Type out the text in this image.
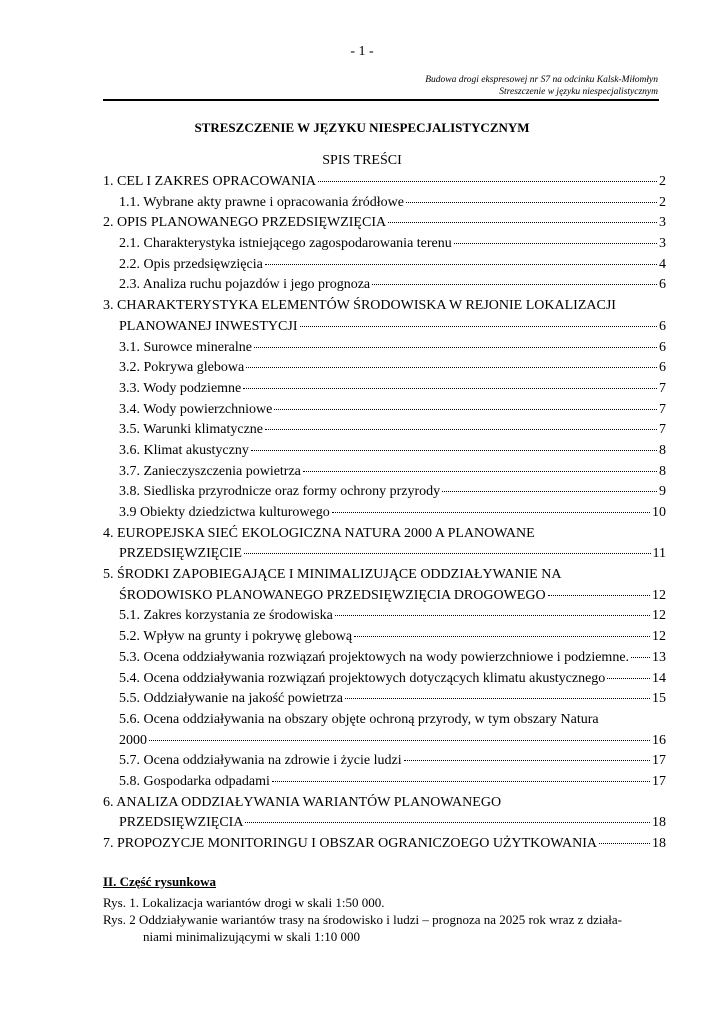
- 1 -
Budowa drogi ekspresowej nr S7 na odcinku Kalsk-Miłomłyn
Streszczenie w języku niespecjalistycznym
STRESZCZENIE W JĘZYKU NIESPECJALISTYCZNYM
SPIS TREŚCI
1. CEL I ZAKRES OPRACOWANIA	2
1.1. Wybrane akty prawne i opracowania źródłowe	2
2. OPIS PLANOWANEGO PRZEDSIĘWZIĘCIA	3
2.1. Charakterystyka istniejącego zagospodarowania terenu	3
2.2. Opis przedsięwzięcia	4
2.3. Analiza ruchu pojazdów i jego prognoza	6
3. CHARAKTERYSTYKA ELEMENTÓW ŚRODOWISKA W REJONIE LOKALIZACJI
PLANOWANEJ INWESTYCJI	6
3.1. Surowce mineralne	6
3.2. Pokrywa glebowa	6
3.3. Wody podziemne	7
3.4. Wody powierzchniowe	7
3.5. Warunki klimatyczne	7
3.6. Klimat akustyczny	8
3.7. Zanieczyszczenia powietrza	8
3.8. Siedliska przyrodnicze oraz formy ochrony przyrody	9
3.9 Obiekty dziedzictwa kulturowego	10
4. EUROPEJSKA SIEĆ EKOLOGICZNA NATURA 2000 A PLANOWANE
PRZEDSIĘWZIĘCIE	11
5. ŚRODKI ZAPOBIEGAJĄCE I MINIMALIZUJĄCE ODDZIAŁYWANIE NA
ŚRODOWISKO PLANOWANEGO PRZEDSIĘWZIĘCIA DROGOWEGO	12
5.1. Zakres korzystania ze środowiska	12
5.2. Wpływ na grunty i pokrywę glebową	12
5.3. Ocena oddziaływania rozwiązań projektowych na wody powierzchniowe i podziemne. 13
5.4. Ocena oddziaływania rozwiązań projektowych dotyczących klimatu akustycznego	14
5.5. Oddziaływanie na jakość powietrza	15
5.6. Ocena oddziaływania na obszary objęte ochroną przyrody, w tym obszary Natura
2000	16
5.7. Ocena oddziaływania na zdrowie i życie ludzi	17
5.8. Gospodarka odpadami	17
6. ANALIZA ODDZIAŁYWANIA WARIANTÓW PLANOWANEGO
PRZEDSIĘWZIĘCIA	18
7. PROPOZYCJE MONITORINGU I OBSZAR OGRANICZOEGO UŻYTKOWANIA	18
II. Część rysunkowa
Rys. 1. Lokalizacja wariantów drogi w skali 1:50 000.
Rys. 2 Oddziaływanie wariantów trasy na środowisko i ludzi – prognoza na 2025 rok wraz z działa-
niami minimalizującymi w skali 1:10 000
